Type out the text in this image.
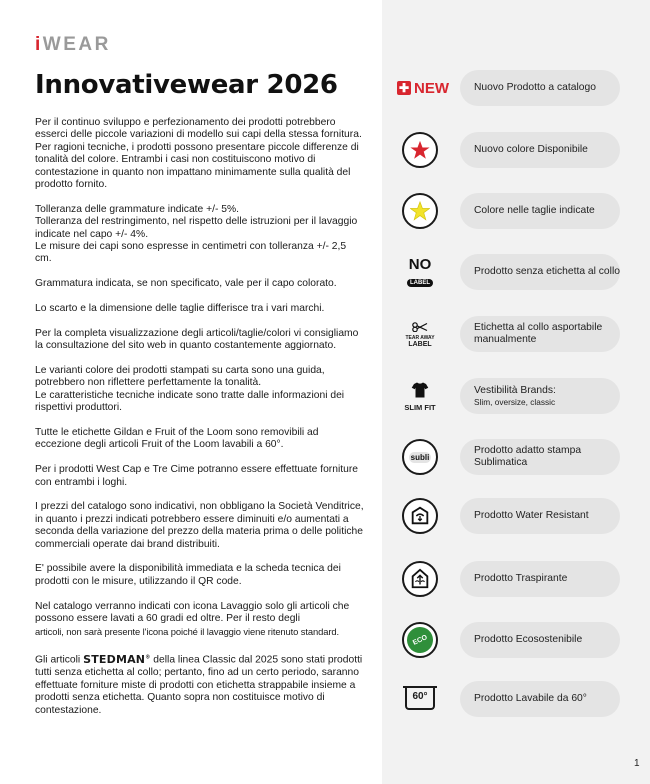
iWEAR
Innovativewear 2026

Per il continuo sviluppo e perfezionamento dei prodotti potrebbero esserci delle piccole variazioni di modello sui capi della stessa fornitura. Per ragioni tecniche, i prodotti possono presentare piccole differenze di tonalità del colore. Entrambi i casi non costituiscono motivo di contestazione in quanto non impattano minimamente sulla qualità del prodotto fornito.

Tolleranza delle grammature indicate +/- 5%.
Tolleranza del restringimento, nel rispetto delle istruzioni per il lavaggio indicate nel capo +/- 4%.
Le misure dei capi sono espresse in centimetri con tolleranza +/- 2,5 cm.

Grammatura indicata, se non specificato, vale per il capo colorato.

Lo scarto e la dimensione delle taglie differisce tra i vari marchi.

Per la completa visualizzazione degli articoli/taglie/colori vi consigliamo la consultazione del sito web in quanto costantemente aggiornato.

Le varianti colore dei prodotti stampati su carta sono una guida, potrebbero non riflettere perfettamente la tonalità.
Le caratteristiche tecniche indicate sono tratte dalle informazioni dei rispettivi produttori.

Tutte le etichette Gildan e Fruit of the Loom sono removibili ad eccezione degli articoli Fruit of the Loom lavabili a 60°.

Per i prodotti West Cap e Tre Cime potranno essere effettuate forniture con entrambi i loghi.

I prezzi del catalogo sono indicativi, non obbligano la Società Venditrice, in quanto i prezzi indicati potrebbero essere diminuiti e/o aumentati a seconda della variazione del prezzo della materia prima o delle politiche commerciali operate dai brand distribuiti.

E' possibile avere la disponibilità immediata e la scheda tecnica dei prodotti con le misure, utilizzando il QR code.

Nel catalogo verranno indicati con icona Lavaggio solo gli articoli che possono essere lavati a 60 gradi ed oltre. Per il resto degli
articoli, non sarà presente l'icona poiché il lavaggio viene ritenuto standard.

Gli articoli STEDMAN® della linea Classic dal 2025 sono stati prodotti tutti senza etichetta al collo; pertanto, fino ad un certo periodo, saranno effettuate forniture miste di prodotti con etichetta strappabile insieme a prodotti senza etichetta. Quanto sopra non costituisce motivo di contestazione.

✚ NEW Nuovo Prodotto a catalogo
Nuovo colore Disponibile
Colore nelle taglie indicate
NO
LABEL
Prodotto senza etichetta al collo
TEAR AWAY
LABEL
Etichetta al collo asportabile manualmente
SLIM FIT
Vestibilità Brands:
Slim, oversize, classic
subli
Prodotto adatto stampa Sublimatica
Prodotto Water Resistant
Prodotto Traspirante
ECO	Prodotto Ecosostenibile
60°	Prodotto Lavabile da 60°
1
